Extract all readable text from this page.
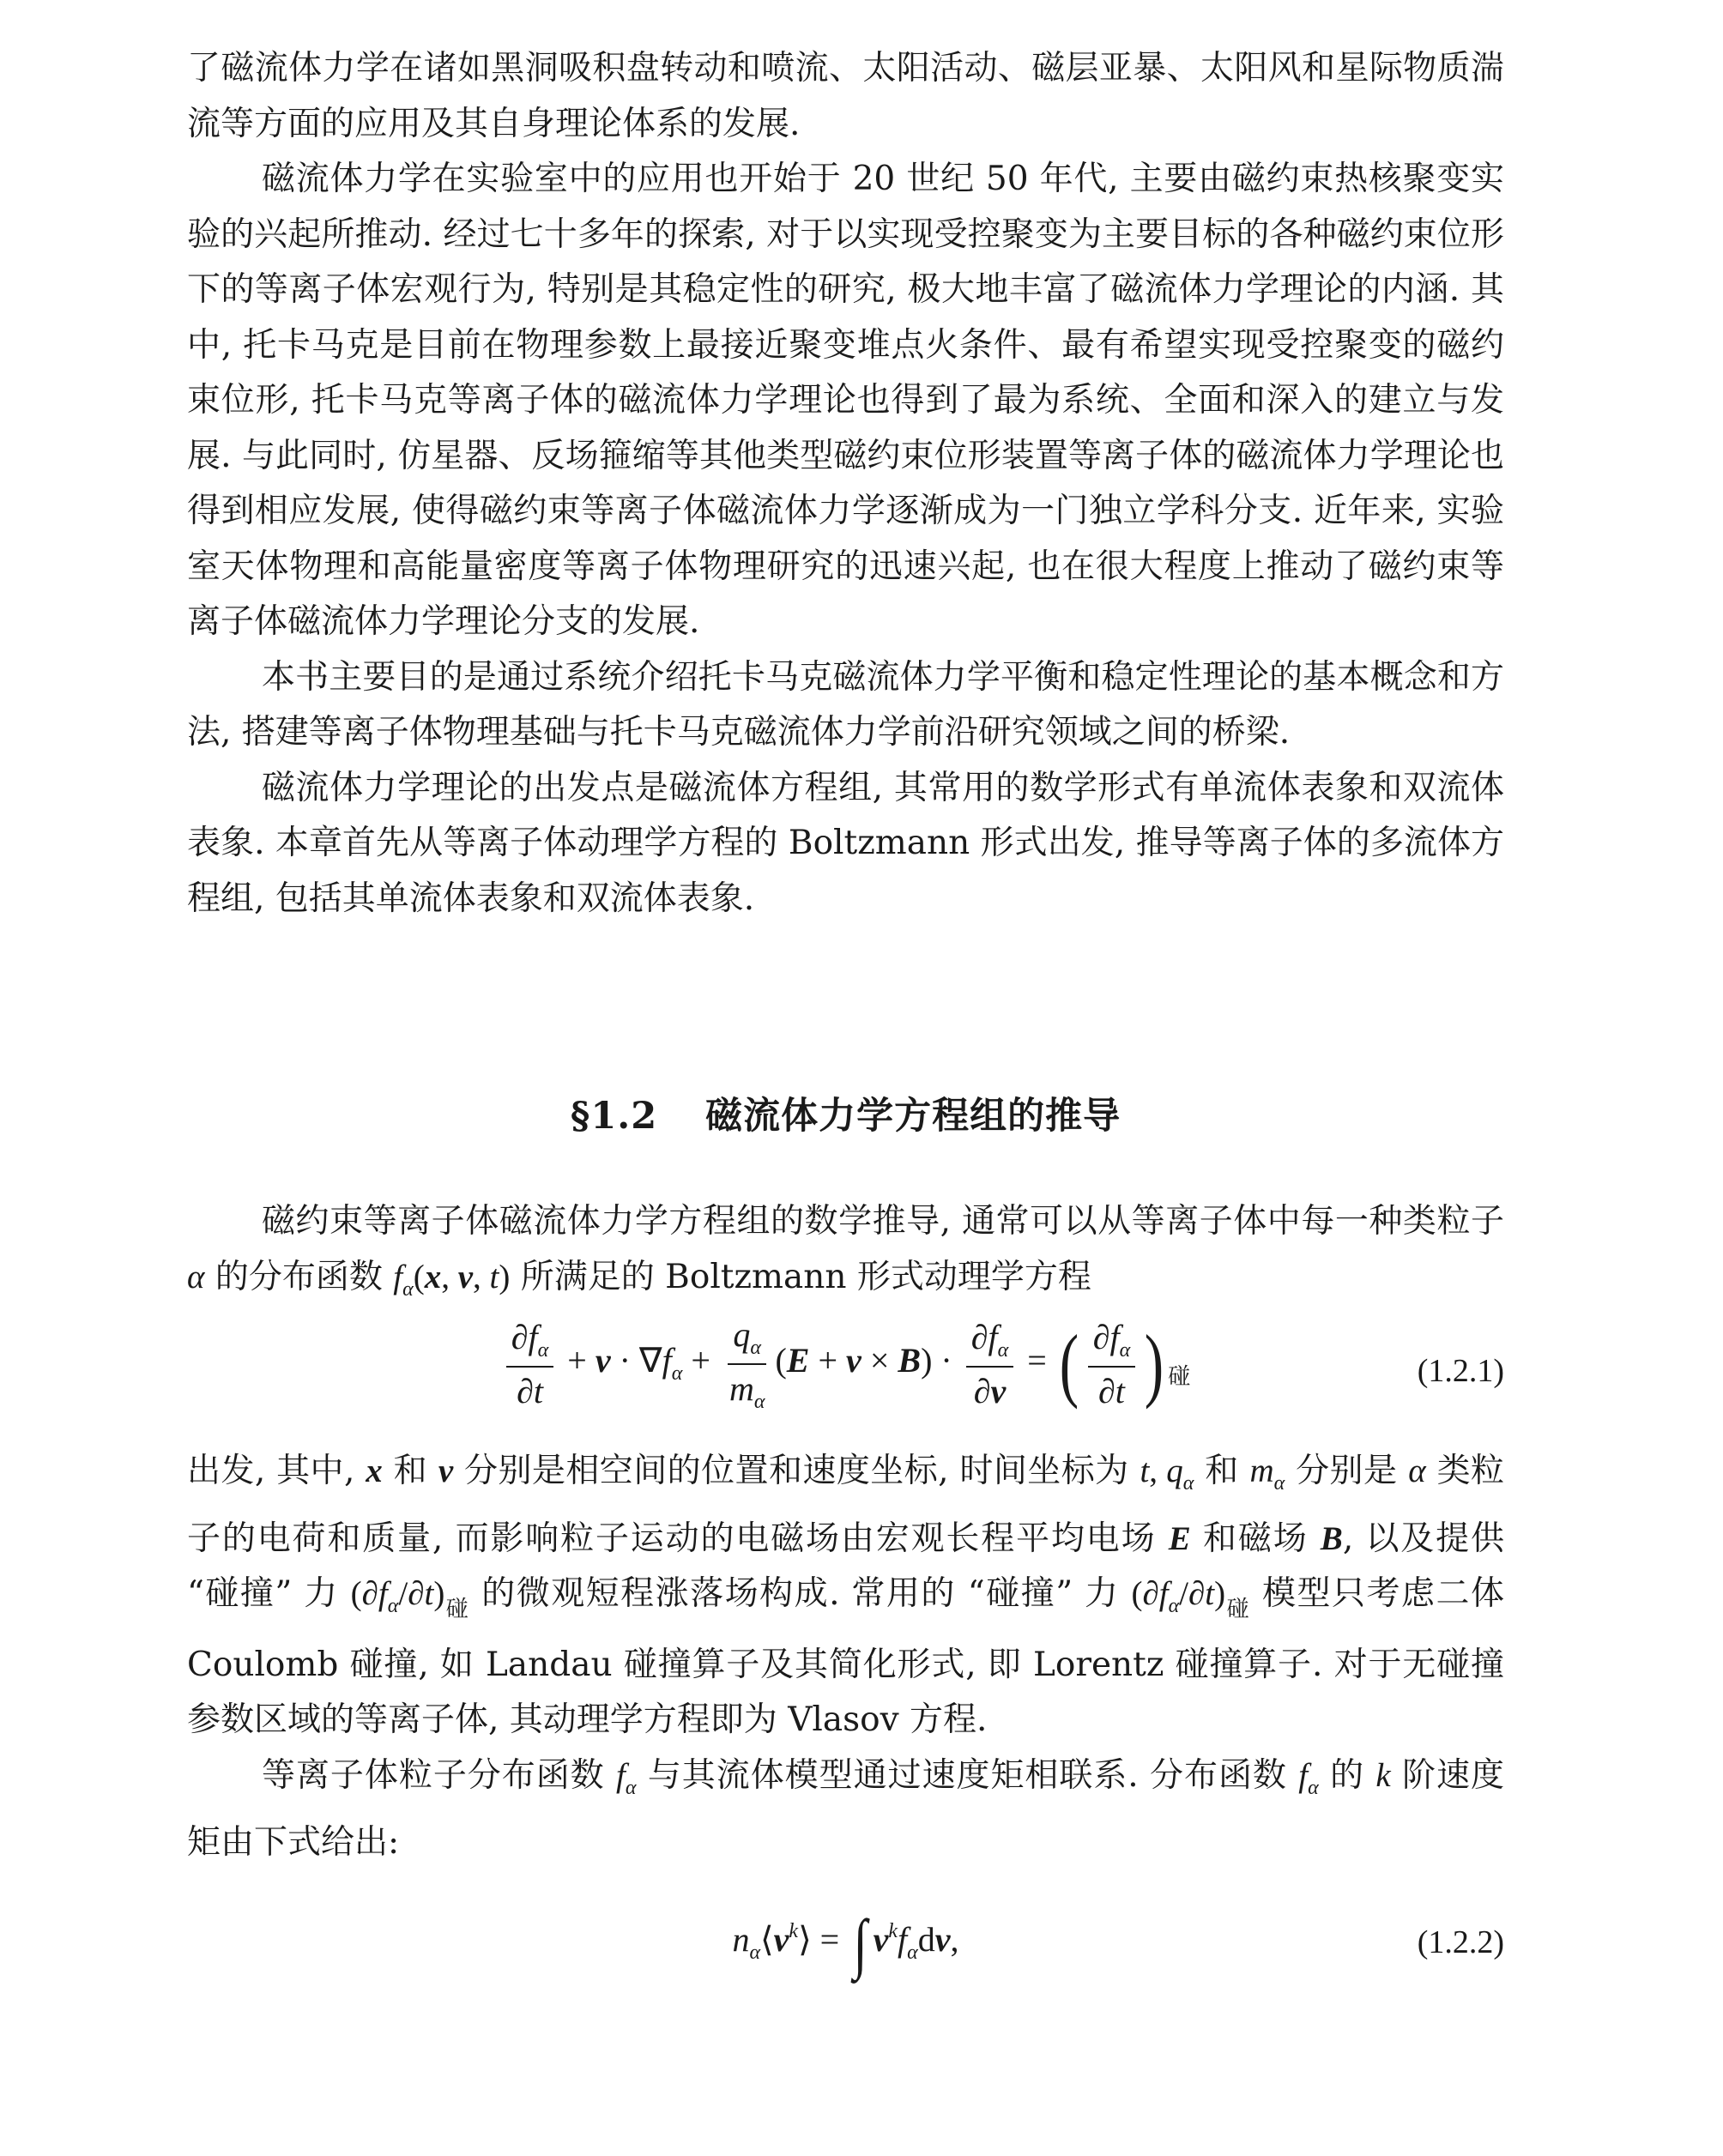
了磁流体力学在诸如黑洞吸积盘转动和喷流、太阳活动、磁层亚暴、太阳风和星际物质湍流等方面的应用及其自身理论体系的发展.

磁流体力学在实验室中的应用也开始于 20 世纪 50 年代, 主要由磁约束热核聚变实验的兴起所推动. 经过七十多年的探索, 对于以实现受控聚变为主要目标的各种磁约束位形下的等离子体宏观行为, 特别是其稳定性的研究, 极大地丰富了磁流体力学理论的内涵. 其中, 托卡马克是目前在物理参数上最接近聚变堆点火条件、最有希望实现受控聚变的磁约束位形, 托卡马克等离子体的磁流体力学理论也得到了最为系统、全面和深入的建立与发展. 与此同时, 仿星器、反场箍缩等其他类型磁约束位形装置等离子体的磁流体力学理论也得到相应发展, 使得磁约束等离子体磁流体力学逐渐成为一门独立学科分支. 近年来, 实验室天体物理和高能量密度等离子体物理研究的迅速兴起, 也在很大程度上推动了磁约束等离子体磁流体力学理论分支的发展.

本书主要目的是通过系统介绍托卡马克磁流体力学平衡和稳定性理论的基本概念和方法, 搭建等离子体物理基础与托卡马克磁流体力学前沿研究领域之间的桥梁.

磁流体力学理论的出发点是磁流体方程组, 其常用的数学形式有单流体表象和双流体表象. 本章首先从等离子体动理学方程的 Boltzmann 形式出发, 推导等离子体的多流体方程组, 包括其单流体表象和双流体表象.

§1.2 磁流体力学方程组的推导

磁约束等离子体磁流体力学方程组的数学推导, 通常可以从等离子体中每一种类粒子 α 的分布函数 $f_\alpha(x$, v, t) 所满足的 Boltzmann 形式动理学方程

$\frac{\partial f_\alpha}{\partial t} + v \cdot \nabla f_\alpha + \frac{q_\alpha}{m_\alpha} (E + v \times B) \cdot \frac{\partial f_\alpha}{\partial v}$ = ( $\frac{\partial f_\alpha}{\partial t}$ ) $_碰$	(1.2.1)

出发, 其中, x 和 v 分别是相空间的位置和速度坐标, 时间坐标为 t, $q_\alpha$ 和 $m_\alpha$ 分别是 α 类粒子的电荷和质量, 而影响粒子运动的电磁场由宏观长程平均电场 E 和磁场 B, 以及提供 “碰撞” 力 $(\partial f_\alpha/\partial t)_碰$ 的微观短程涨落场构成. 常用的 “碰撞” 力 $(\partial f_\alpha/\partial t)_碰$ 模型只考虑二体 Coulomb 碰撞, 如 Landau 碰撞算子及其简化形式, 即 Lorentz 碰撞算子. 对于无碰撞参数区域的等离子体, 其动理学方程即为 Vlasov 方程.

等离子体粒子分布函数 $f_\alpha$ 与其流体模型通过速度矩相联系. 分布函数 $f_\alpha$ 的 k 阶速度矩由下式给出:

$n_\alpha⟨v^k⟩$ = ∫ $v^kf_\alpha dv$,	(1.2.2)
